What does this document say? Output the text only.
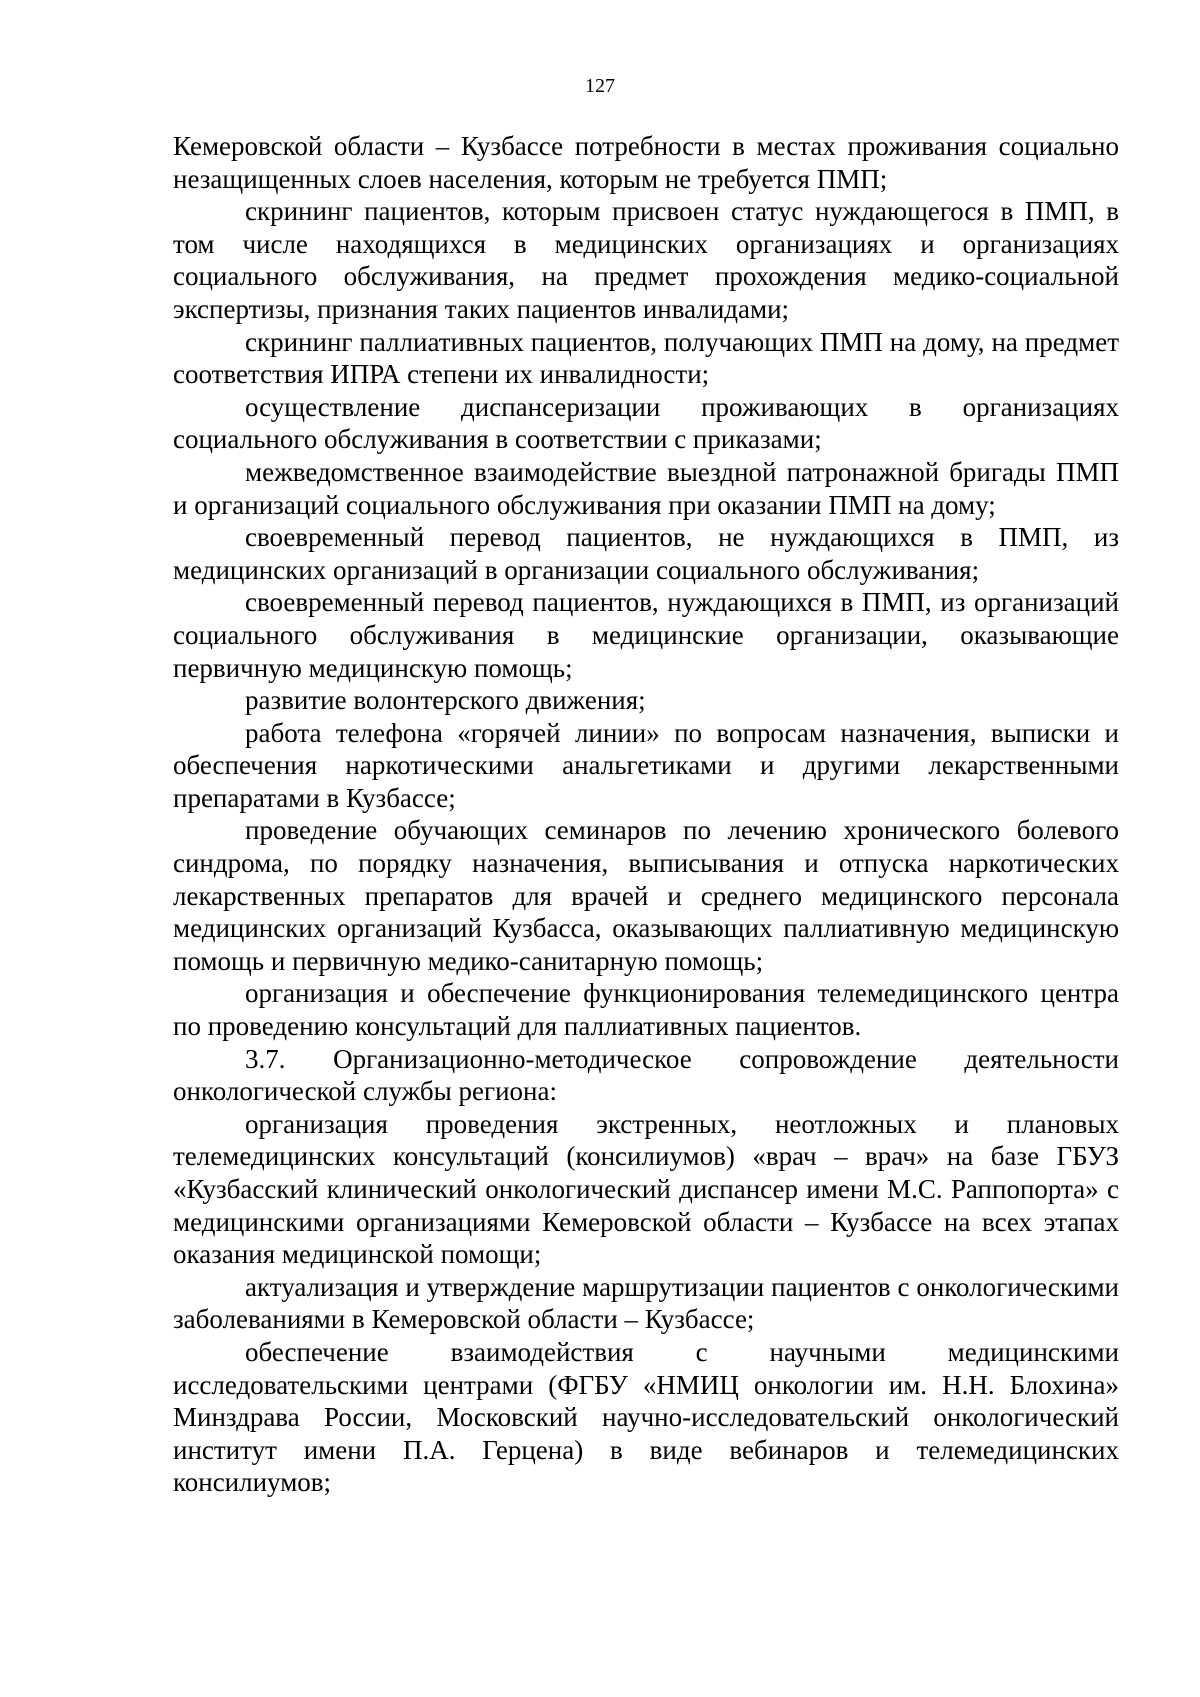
127

Кемеровской области – Кузбассе потребности в местах проживания социально незащищенных слоев населения, которым не требуется ПМП;

скрининг пациентов, которым присвоен статус нуждающегося в ПМП, в том числе находящихся в медицинских организациях и организациях социального обслуживания, на предмет прохождения медико-социальной экспертизы, признания таких пациентов инвалидами;

скрининг паллиативных пациентов, получающих ПМП на дому, на предмет соответствия ИПРА степени их инвалидности;

осуществление диспансеризации проживающих в организациях социального обслуживания в соответствии с приказами;

межведомственное взаимодействие выездной патронажной бригады ПМП и организаций социального обслуживания при оказании ПМП на дому;

своевременный перевод пациентов, не нуждающихся в ПМП, из медицинских организаций в организации социального обслуживания;

своевременный перевод пациентов, нуждающихся в ПМП, из организаций социального обслуживания в медицинские организации, оказывающие первичную медицинскую помощь;

развитие волонтерского движения;

работа телефона «горячей линии» по вопросам назначения, выписки и обеспечения наркотическими анальгетиками и другими лекарственными препаратами в Кузбассе;

проведение обучающих семинаров по лечению хронического болевого синдрома, по порядку назначения, выписывания и отпуска наркотических лекарственных препаратов для врачей и среднего медицинского персонала медицинских организаций Кузбасса, оказывающих паллиативную медицинскую помощь и первичную медико-санитарную помощь;

организация и обеспечение функционирования телемедицинского центра по проведению консультаций для паллиативных пациентов.

3.7. Организационно-методическое сопровождение деятельности онкологической службы региона:

организация проведения экстренных, неотложных и плановых телемедицинских консультаций (консилиумов) «врач – врач» на базе ГБУЗ «Кузбасский клинический онкологический диспансер имени М.С. Раппопорта» с медицинскими организациями Кемеровской области – Кузбассе на всех этапах оказания медицинской помощи;

актуализация и утверждение маршрутизации пациентов с онкологическими заболеваниями в Кемеровской области – Кузбассе;

обеспечение взаимодействия с научными медицинскими исследовательскими центрами (ФГБУ «НМИЦ онкологии им. Н.Н. Блохина» Минздрава России, Московский научно-исследовательский онкологический институт имени П.А. Герцена) в виде вебинаров и телемедицинских консилиумов;
